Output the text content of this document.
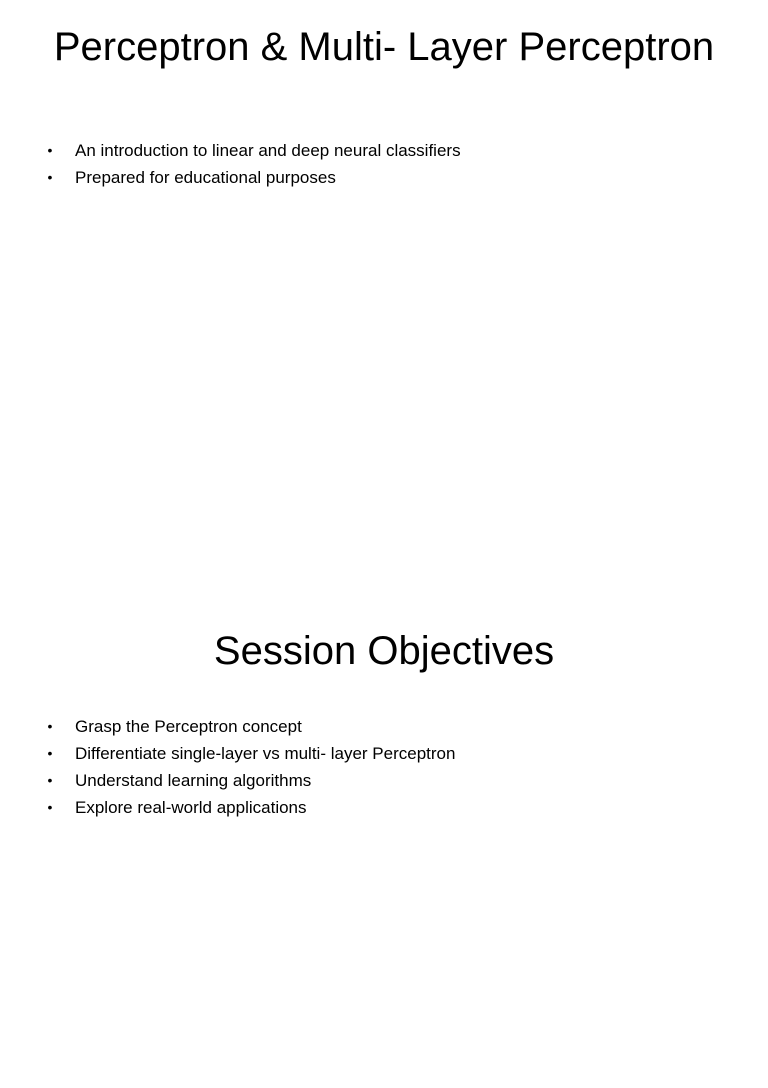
Perceptron & Multi- Layer Perceptron
• An introduction to linear and deep neural classifiers
• Prepared for educational purposes
Session Objectives
• Grasp the Perceptron concept
• Differentiate single-layer vs multi- layer Perceptron
• Understand learning algorithms
• Explore real-world applications
